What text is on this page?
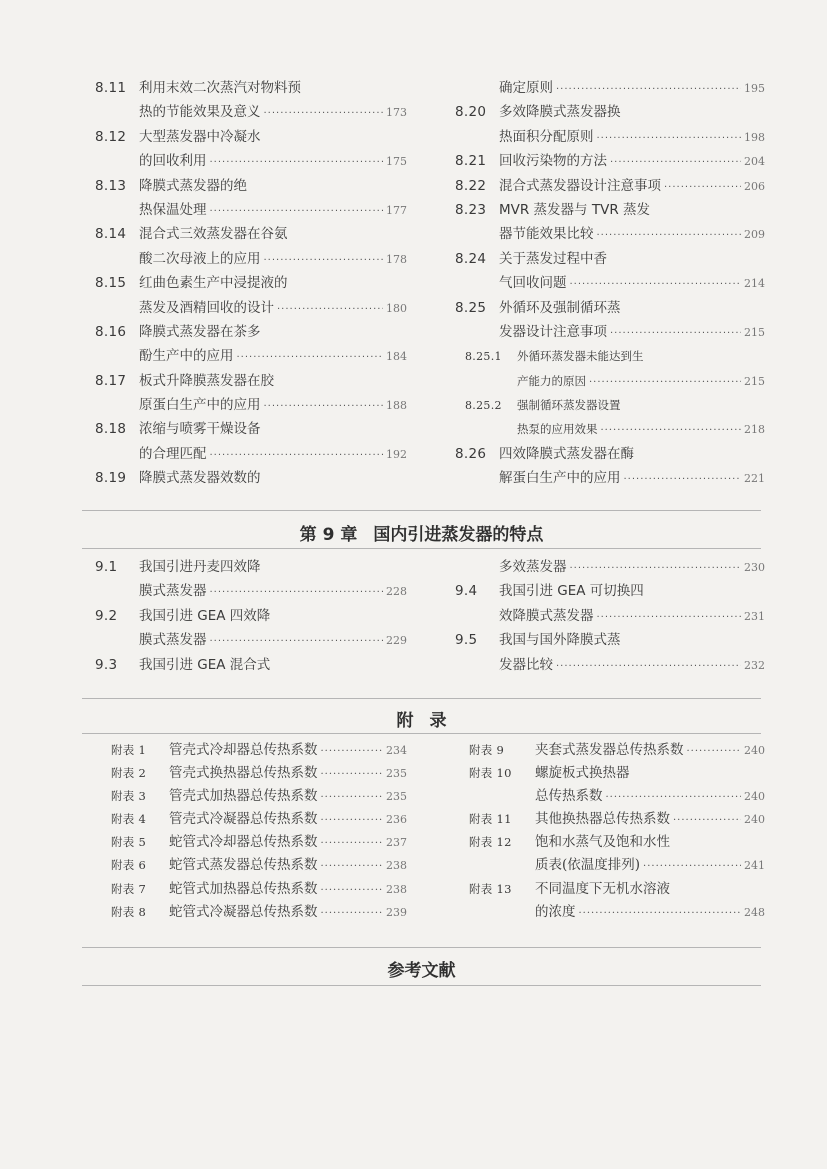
8.11 利用末效二次蒸汽对物料预
热的节能效果及意义 ·····	173
8.12 大型蒸发器中冷凝水
的回收利用 ·····	175
8.13 降膜式蒸发器的绝
热保温处理 ·····	177
8.14 混合式三效蒸发器在谷氨
酸二次母液上的应用 ·····	178
8.15 红曲色素生产中浸提液的
蒸发及酒精回收的设计 ·····	180
8.16 降膜式蒸发器在茶多
酚生产中的应用 ·····	184
8.17 板式升降膜蒸发器在胶
原蛋白生产中的应用 ·····	188
8.18 浓缩与喷雾干燥设备
的合理匹配 ·····	192
8.19 降膜式蒸发器效数的
确定原则 ·····	195
8.20 多效降膜式蒸发器换
热面积分配原则 ·····	198
8.21 回收污染物的方法 ·····	204
8.22 混合式蒸发器设计注意事项 ·····	206
8.23 MVR 蒸发器与 TVR 蒸发
器节能效果比较 ·····	209
8.24 关于蒸发过程中香
气回收问题 ·····	214
8.25 外循环及强制循环蒸
发器设计注意事项 ·····	215
8.25.1	外循环蒸发器未能达到生
产能力的原因 ·····	215
8.25.2	强制循环蒸发器设置
热泵的应用效果 ·····	218
8.26 四效降膜式蒸发器在酶
解蛋白生产中的应用 ·····	221
第 9 章 国内引进蒸发器的特点
9.1	我国引进丹麦四效降
膜式蒸发器 ·····	228
9.2	我国引进 GEA 四效降
膜式蒸发器 ·····	229
9.3	我国引进 GEA 混合式
多效蒸发器 ·····	230
9.4	我国引进 GEA 可切换四
效降膜式蒸发器 ·····	231
9.5	我国与国外降膜式蒸
发器比较 ·····	232
附 录
附表 1	管壳式冷却器总传热系数 ·····	234
附表 2	管壳式换热器总传热系数 ·····	235
附表 3	管壳式加热器总传热系数 ·····	235
附表 4	管壳式冷凝器总传热系数 ·····	236
附表 5	蛇管式冷却器总传热系数 ·····	237
附表 6	蛇管式蒸发器总传热系数 ·····	238
附表 7	蛇管式加热器总传热系数 ·····	238
附表 8	蛇管式冷凝器总传热系数 ·····	239
附表 9	夹套式蒸发器总传热系数 ·····	240
附表 10	螺旋板式换热器
总传热系数 ·····	240
附表 11	其他换热器总传热系数 ·····	240
附表 12	饱和水蒸气及饱和水性
质表(依温度排列) ·····	241
附表 13	不同温度下无机水溶液
的浓度 ·····	248
参考文献
